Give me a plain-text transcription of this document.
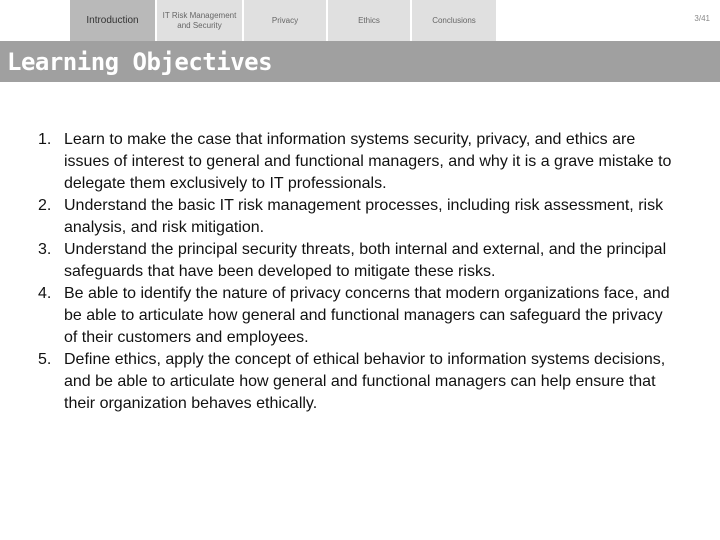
Introduction	IT Risk Management and Security
Privacy	Ethics	Conclusions	3/41
Learning Objectives
1. Learn to make the case that information systems security, privacy, and ethics are issues of interest to general and functional managers, and why it is a grave mistake to delegate them exclusively to IT professionals.
2. Understand the basic IT risk management processes, including risk assessment, risk analysis, and risk mitigation.
3. Understand the principal security threats, both internal and external, and the principal safeguards that have been developed to mitigate these risks.
4. Be able to identify the nature of privacy concerns that modern organizations face, and be able to articulate how general and functional managers can safeguard the privacy of their customers and employees.
5. Define ethics, apply the concept of ethical behavior to information systems decisions, and be able to articulate how general and functional managers can help ensure that their organization behaves ethically.
